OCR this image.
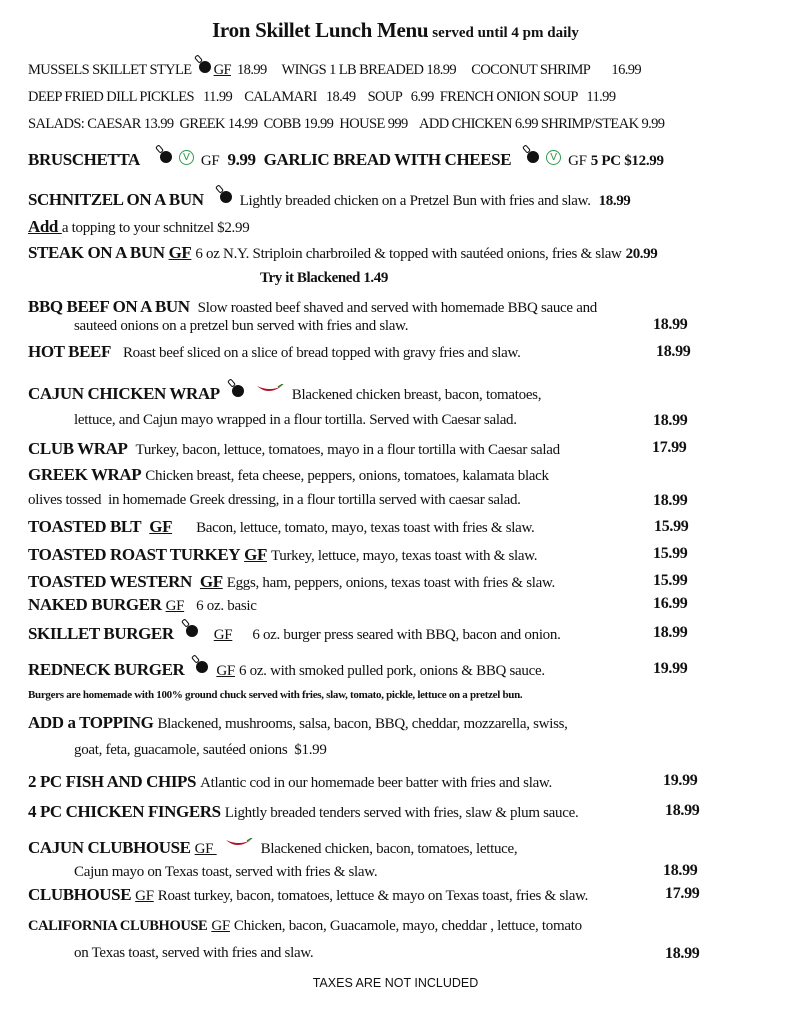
Iron Skillet Lunch Menu served until 4 pm daily
MUSSELS SKILLET STYLE GF 18.99 WINGS 1 LB BREADED 18.99 COCONUT SHRIMP 16.99
DEEP FRIED DILL PICKLES   11.99    CALAMARI   18.49    SOUP   6.99  FRENCH ONION SOUP   11.99
SALADS: CAESAR 13.99  GREEK 14.99  COBB 19.99  HOUSE 999    ADD CHICKEN 6.99 SHRIMP/STEAK 9.99
BRUSCHETTA	V GF 9.99 GARLIC BREAD WITH CHEESE	V GF 5 PC $12.99
SCHNITZEL ON A BUN Lightly breaded chicken on a Pretzel Bun with fries and slaw. 18.99
Add a topping to your schnitzel $2.99
STEAK ON A BUN GF 6 oz N.Y. Striploin charbroiled & topped with sautéed onions, fries & slaw 20.99
Try it Blackened 1.49
BBQ BEEF ON A BUN Slow roasted beef shaved and served with homemade BBQ sauce and
sauteed onions on a pretzel bun served with fries and slaw.	18.99
HOT BEEF Roast beef sliced on a slice of bread topped with gravy fries and slaw.	18.99
CAJUN CHICKEN WRAP	Blackened chicken breast, bacon, tomatoes,
lettuce, and Cajun mayo wrapped in a flour tortilla. Served with Caesar salad.	18.99
CLUB WRAP Turkey, bacon, lettuce, tomatoes, mayo in a flour tortilla with Caesar salad	17.99
GREEK WRAP Chicken breast, feta cheese, peppers, onions, tomatoes, kalamata black
olives tossed  in homemade Greek dressing, in a flour tortilla served with caesar salad.	18.99
TOASTED BLT GF Bacon, lettuce, tomato, mayo, texas toast with fries & slaw.	15.99
TOASTED ROAST TURKEY GF Turkey, lettuce, mayo, texas toast with & slaw.	15.99
TOASTED WESTERN GF Eggs, ham, peppers, onions, texas toast with fries & slaw.	15.99
NAKED BURGER GF 6 oz. basic	16.99
SKILLET BURGER	GF 6 oz. burger press seared with BBQ, bacon and onion.	18.99
REDNECK BURGER GF 6 oz. with smoked pulled pork, onions & BBQ sauce.	19.99
Burgers are homemade with 100% ground chuck served with fries, slaw, tomato, pickle, lettuce on a pretzel bun.
ADD a TOPPING Blackened, mushrooms, salsa, bacon, BBQ, cheddar, mozzarella, swiss,
goat, feta, guacamole, sautéed onions  $1.99
2 PC FISH AND CHIPS Atlantic cod in our homemade beer batter with fries and slaw.	19.99
4 PC CHICKEN FINGERS Lightly breaded tenders served with fries, slaw & plum sauce.	18.99
CAJUN CLUBHOUSE GF	Blackened chicken, bacon, tomatoes, lettuce,
Cajun mayo on Texas toast, served with fries & slaw.	18.99
CLUBHOUSE GF Roast turkey, bacon, tomatoes, lettuce & mayo on Texas toast, fries & slaw.	17.99
CALIFORNIA CLUBHOUSE GF Chicken, bacon, Guacamole, mayo, cheddar , lettuce, tomato
on Texas toast, served with fries and slaw.	18.99
TAXES ARE NOT INCLUDED
